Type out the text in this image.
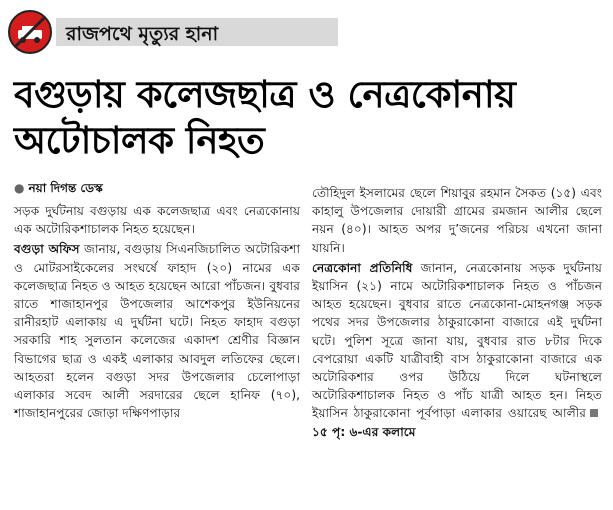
রাজপথে মৃত্যুর হানা
বগুড়ায় কলেজছাত্র ও নেত্রকোনায়
অটোচালক নিহত
● নয়া দিগন্ত ডেস্ক

সড়ক দুর্ঘটনায় বগুড়ায় এক কলেজছাত্র এবং নেত্রকোনায় এক অটোরিকশাচালক নিহত হয়েছেন।

বগুড়া অফিস জানায়, বগুড়ায় সিএনজিচালিত অটোরিকশা ও মোটরসাইকেলের সংঘর্ষে ফাহাদ (২০) নামের এক কলেজছাত্র নিহত ও আহত হয়েছেন আরো পাঁচজন। বুধবার রাতে শাজাহানপুর উপজেলার আশেকপুর ইউনিয়নের রানীরহাট এলাকায় এ দুর্ঘটনা ঘটে। নিহত ফাহাদ বগুড়া সরকারি শাহ সুলতান কলেজের একাদশ শ্রেণীর বিজ্ঞান বিভাগের ছাত্র ও একই এলাকার আবদুল লতিফের ছেলে। আহতরা হলেন বগুড়া সদর উপজেলার চেলোপাড়া এলাকার সবেদ আলী সরদারের ছেলে হানিফ (৭০), শাজাহানপুরের জোড়া দক্ষিণপাড়ার

তৌহিদুল ইসলামের ছেলে শিয়াবুর রহমান সৈকত (১৫) এবং কাহালু উপজেলার দোয়ারী গ্রামের রমজান আলীর ছেলে নয়ন (৪০)। আহত অপর দু’জনের পরিচয় এখনো জানা যায়নি।

নেত্রকোনা প্রতিনিধি জানান, নেত্রকোনায় সড়ক দুর্ঘটনায় ইয়াসিন (২১) নামে অটোরিকশাচালক নিহত ও পাঁচজন আহত হয়েছেন। বুধবার রাতে নেত্রকোনা-মোহনগঞ্জ সড়ক পথের সদর উপজেলার ঠাকুরাকোনা বাজারে এই দুর্ঘটনা ঘটে। পুলিশ সূত্রে জানা যায়, বুধবার রাত ৮টার দিকে বেপরোয়া একটি যাত্রীবাহী বাস ঠাকুরাকোনা বাজারে এক অটোরিকশার ওপর উঠিয়ে দিলে ঘটনাস্থলে অটোরিকশাচালক নিহত ও পাঁচ যাত্রী আহত হন। নিহত ইয়াসিন ঠাকুরাকোনা পূর্বপাড়া এলাকার ওয়ারেছ আলীর১৫ পৃ: ৬-এর কলামে
